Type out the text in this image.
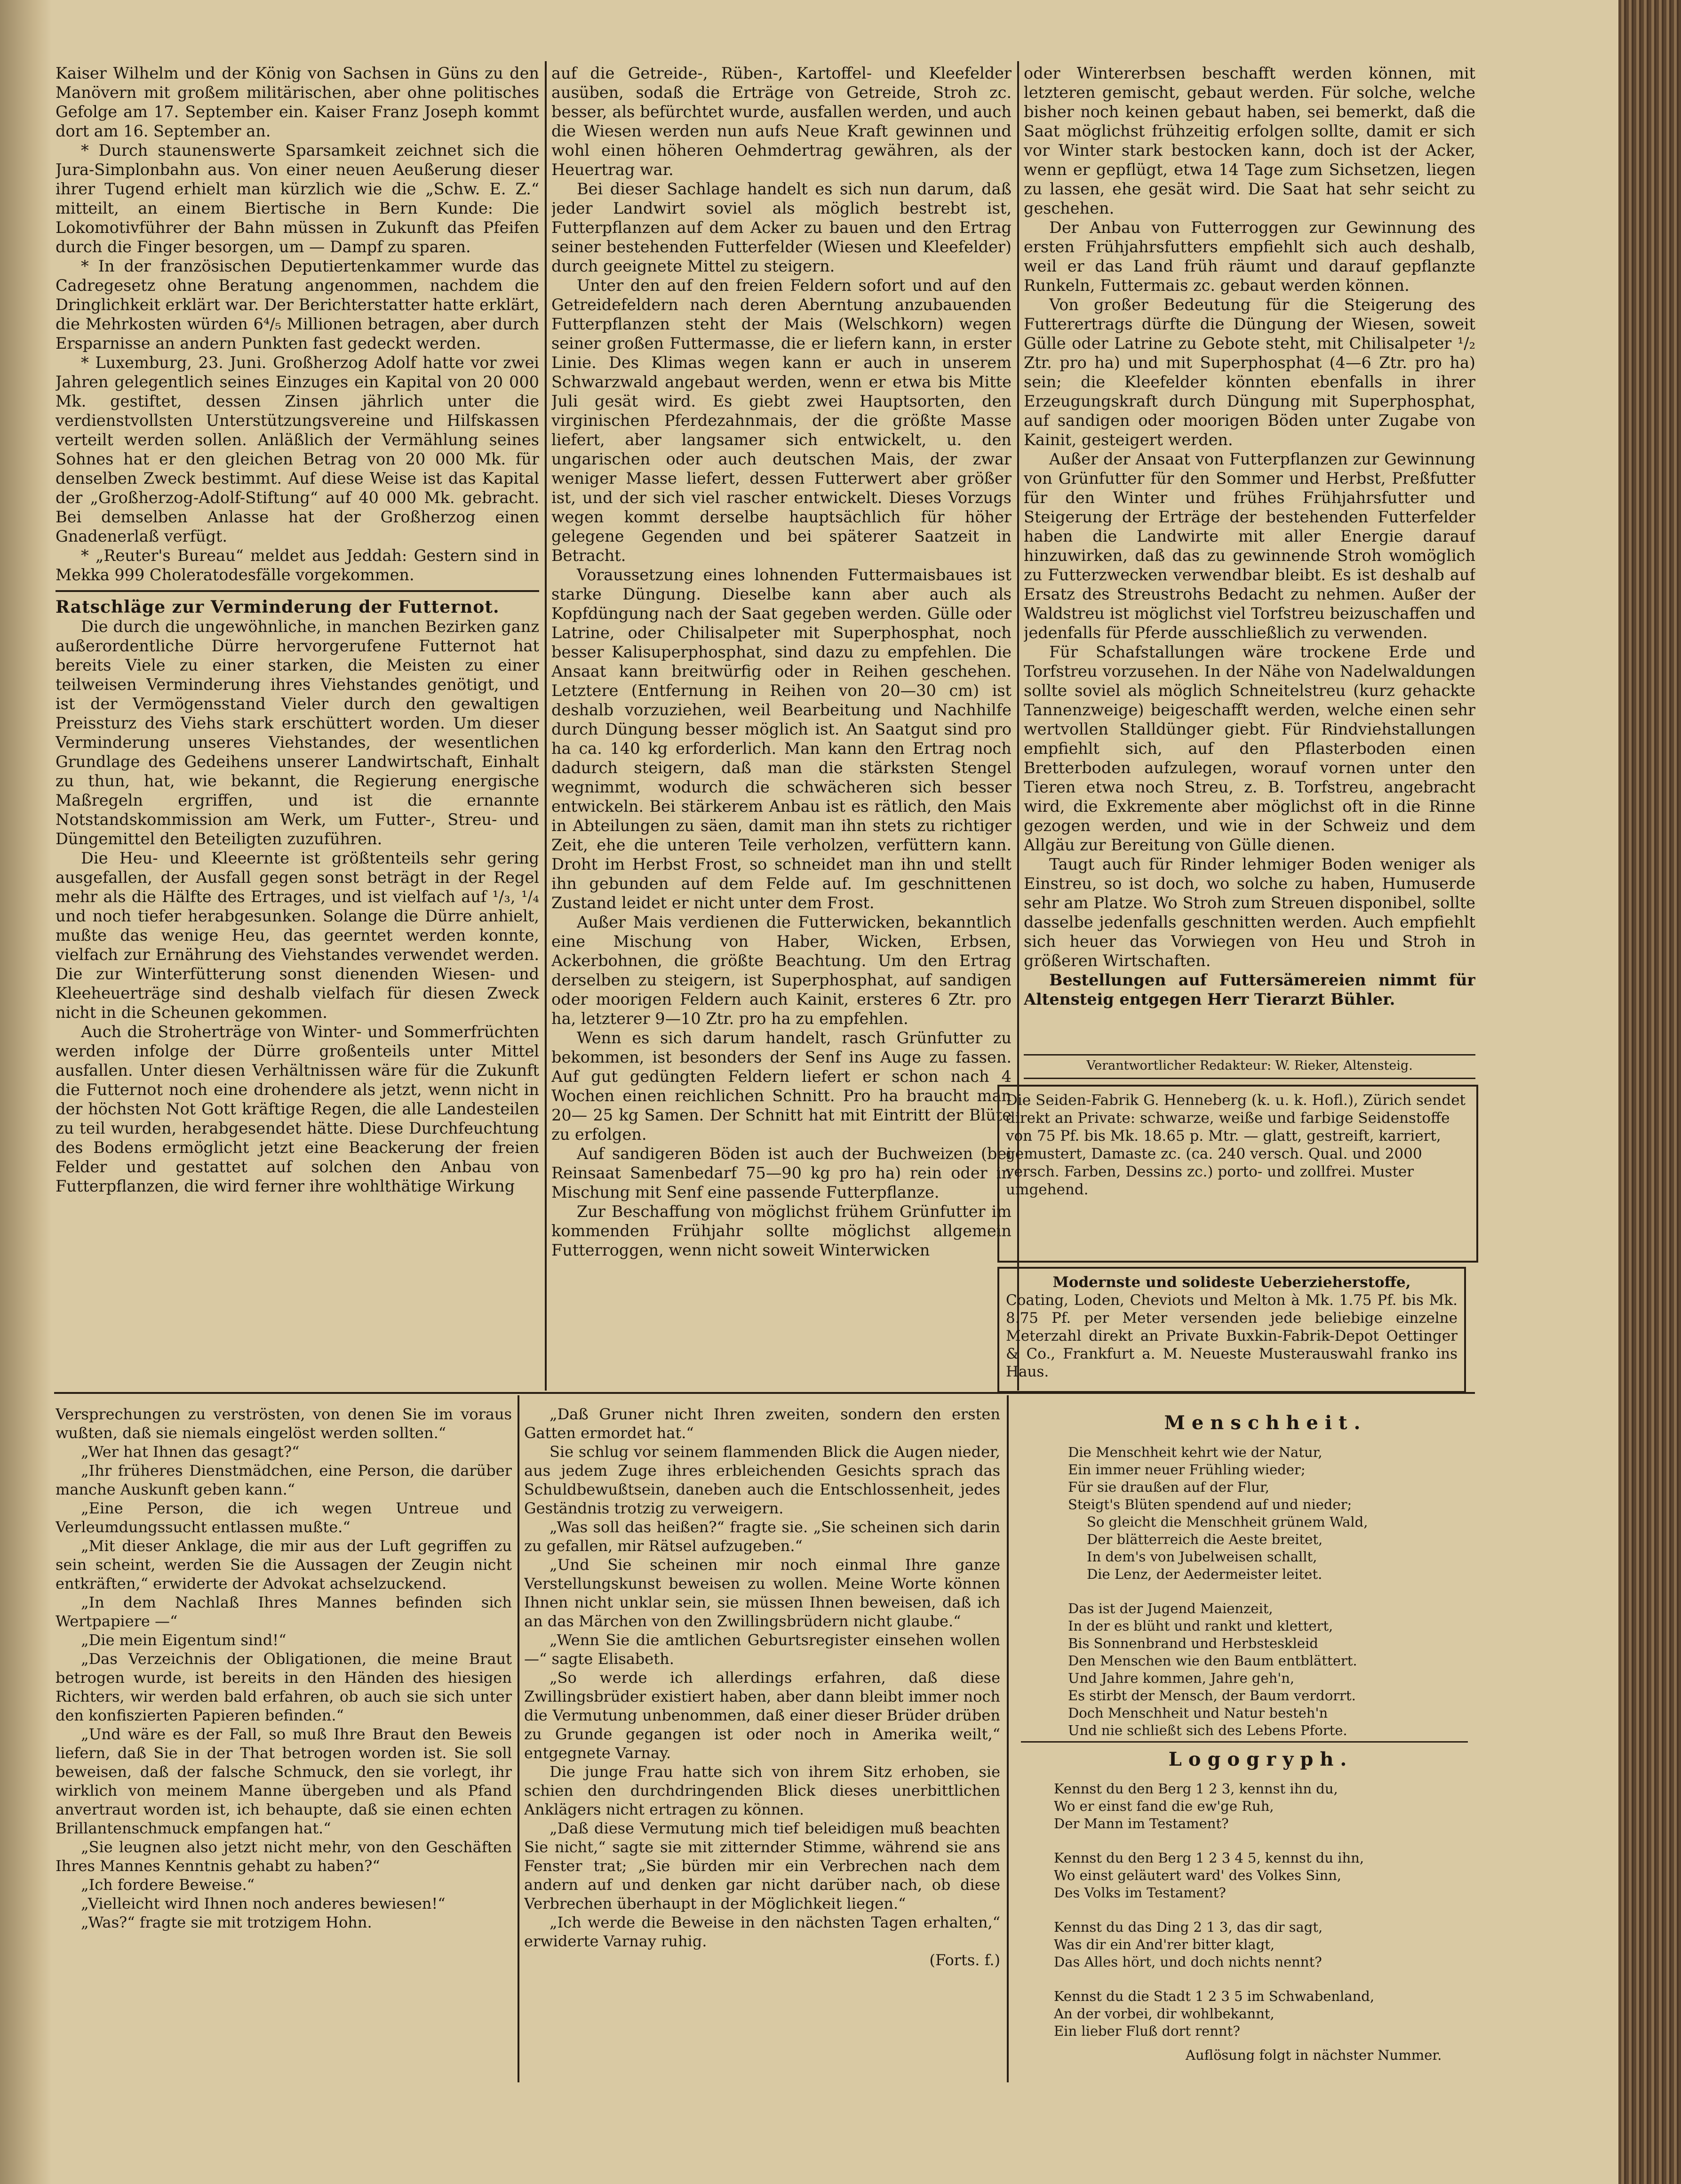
Kaiser Wilhelm und der König von Sachsen in Güns zu den Manövern mit großem militärischen, aber ohne politisches Gefolge am 17. September ein. Kaiser Franz Joseph kommt dort am 16. September an.

* Durch staunenswerte Sparsamkeit zeichnet sich die Jura-Simplonbahn aus. Von einer neuen Aeußerung dieser ihrer Tugend erhielt man kürzlich wie die „Schw. E. Z.“ mitteilt, an einem Biertische in Bern Kunde: Die Lokomotivführer der Bahn müssen in Zukunft das Pfeifen durch die Finger besorgen, um — Dampf zu sparen.

* In der französischen Deputiertenkammer wurde das Cadregesetz ohne Beratung angenommen, nachdem die Dringlichkeit erklärt war. Der Berichterstatter hatte erklärt, die Mehrkosten würden 6⁴/₅ Millionen betragen, aber durch Ersparnisse an andern Punkten fast gedeckt werden.

* Luxemburg, 23. Juni. Großherzog Adolf hatte vor zwei Jahren gelegentlich seines Einzuges ein Kapital von 20 000 Mk. gestiftet, dessen Zinsen jährlich unter die verdienstvollsten Unterstützungsvereine und Hilfskassen verteilt werden sollen. Anläßlich der Vermählung seines Sohnes hat er den gleichen Betrag von 20 000 Mk. für denselben Zweck bestimmt. Auf diese Weise ist das Kapital der „Großherzog-Adolf-Stiftung“ auf 40 000 Mk. gebracht. Bei demselben Anlasse hat der Großherzog einen Gnadenerlaß verfügt.

* „Reuter's Bureau“ meldet aus Jeddah: Gestern sind in Mekka 999 Choleratodesfälle vorgekommen.

Ratschläge zur Verminderung der Futternot.

Die durch die ungewöhnliche, in manchen Bezirken ganz außerordentliche Dürre hervorgerufene Futternot hat bereits Viele zu einer starken, die Meisten zu einer teilweisen Verminderung ihres Viehstandes genötigt, und ist der Vermögensstand Vieler durch den gewaltigen Preissturz des Viehs stark erschüttert worden. Um dieser Verminderung unseres Viehstandes, der wesentlichen Grundlage des Gedeihens unserer Landwirtschaft, Einhalt zu thun, hat, wie bekannt, die Regierung energische Maßregeln ergriffen, und ist die ernannte Notstandskommission am Werk, um Futter-, Streu- und Düngemittel den Beteiligten zuzuführen.

Die Heu- und Kleeernte ist größtenteils sehr gering ausgefallen, der Ausfall gegen sonst beträgt in der Regel mehr als die Hälfte des Ertrages, und ist vielfach auf ¹/₃, ¹/₄ und noch tiefer herabgesunken. Solange die Dürre anhielt, mußte das wenige Heu, das geerntet werden konnte, vielfach zur Ernährung des Viehstandes verwendet werden. Die zur Winterfütterung sonst dienenden Wiesen- und Kleeheuerträge sind deshalb vielfach für diesen Zweck nicht in die Scheunen gekommen.

Auch die Stroherträge von Winter- und Sommerfrüchten werden infolge der Dürre großenteils unter Mittel ausfallen. Unter diesen Verhältnissen wäre für die Zukunft die Futternot noch eine drohendere als jetzt, wenn nicht in der höchsten Not Gott kräftige Regen, die alle Landesteilen zu teil wurden, herabgesendet hätte. Diese Durchfeuchtung des Bodens ermöglicht jetzt eine Beackerung der freien Felder und gestattet auf solchen den Anbau von Futterpflanzen, die wird ferner ihre wohlthätige Wirkung

auf die Getreide-, Rüben-, Kartoffel- und Kleefelder ausüben, sodaß die Erträge von Getreide, Stroh zc. besser, als befürchtet wurde, ausfallen werden, und auch die Wiesen werden nun aufs Neue Kraft gewinnen und wohl einen höheren Oehmdertrag gewähren, als der Heuertrag war.

Bei dieser Sachlage handelt es sich nun darum, daß jeder Landwirt soviel als möglich bestrebt ist, Futterpflanzen auf dem Acker zu bauen und den Ertrag seiner bestehenden Futterfelder (Wiesen und Kleefelder) durch geeignete Mittel zu steigern.

Unter den auf den freien Feldern sofort und auf den Getreidefeldern nach deren Aberntung anzubauenden Futterpflanzen steht der Mais (Welschkorn) wegen seiner großen Futtermasse, die er liefern kann, in erster Linie. Des Klimas wegen kann er auch in unserem Schwarzwald angebaut werden, wenn er etwa bis Mitte Juli gesät wird. Es giebt zwei Hauptsorten, den virginischen Pferdezahnmais, der die größte Masse liefert, aber langsamer sich entwickelt, u. den ungarischen oder auch deutschen Mais, der zwar weniger Masse liefert, dessen Futterwert aber größer ist, und der sich viel rascher entwickelt. Dieses Vorzugs wegen kommt derselbe hauptsächlich für höher gelegene Gegenden und bei späterer Saatzeit in Betracht.

Voraussetzung eines lohnenden Futtermaisbaues ist starke Düngung. Dieselbe kann aber auch als Kopfdüngung nach der Saat gegeben werden. Gülle oder Latrine, oder Chilisalpeter mit Superphosphat, noch besser Kalisuperphosphat, sind dazu zu empfehlen. Die Ansaat kann breitwürfig oder in Reihen geschehen. Letztere (Entfernung in Reihen von 20—30 cm) ist deshalb vorzuziehen, weil Bearbeitung und Nachhilfe durch Düngung besser möglich ist. An Saatgut sind pro ha ca. 140 kg erforderlich. Man kann den Ertrag noch dadurch steigern, daß man die stärksten Stengel wegnimmt, wodurch die schwächeren sich besser entwickeln. Bei stärkerem Anbau ist es rätlich, den Mais in Abteilungen zu säen, damit man ihn stets zu richtiger Zeit, ehe die unteren Teile verholzen, verfüttern kann. Droht im Herbst Frost, so schneidet man ihn und stellt ihn gebunden auf dem Felde auf. Im geschnittenen Zustand leidet er nicht unter dem Frost.

Außer Mais verdienen die Futterwicken, bekanntlich eine Mischung von Haber, Wicken, Erbsen, Ackerbohnen, die größte Beachtung. Um den Ertrag derselben zu steigern, ist Superphosphat, auf sandigen oder moorigen Feldern auch Kainit, ersteres 6 Ztr. pro ha, letzterer 9—10 Ztr. pro ha zu empfehlen.

Wenn es sich darum handelt, rasch Grünfutter zu bekommen, ist besonders der Senf ins Auge zu fassen. Auf gut gedüngten Feldern liefert er schon nach 4 Wochen einen reichlichen Schnitt. Pro ha braucht man 20— 25 kg Samen. Der Schnitt hat mit Eintritt der Blüte zu erfolgen.

Auf sandigeren Böden ist auch der Buchweizen (bei Reinsaat Samenbedarf 75—90 kg pro ha) rein oder in Mischung mit Senf eine passende Futterpflanze.

Zur Beschaffung von möglichst frühem Grünfutter im kommenden Frühjahr sollte möglichst allgemein Futterroggen, wenn nicht soweit Winterwicken

oder Wintererbsen beschafft werden können, mit letzteren gemischt, gebaut werden. Für solche, welche bisher noch keinen gebaut haben, sei bemerkt, daß die Saat möglichst frühzeitig erfolgen sollte, damit er sich vor Winter stark bestocken kann, doch ist der Acker, wenn er gepflügt, etwa 14 Tage zum Sichsetzen, liegen zu lassen, ehe gesät wird. Die Saat hat sehr seicht zu geschehen.

Der Anbau von Futterroggen zur Gewinnung des ersten Frühjahrsfutters empfiehlt sich auch deshalb, weil er das Land früh räumt und darauf gepflanzte Runkeln, Futtermais zc. gebaut werden können.

Von großer Bedeutung für die Steigerung des Futterertrags dürfte die Düngung der Wiesen, soweit Gülle oder Latrine zu Gebote steht, mit Chilisalpeter ¹/₂ Ztr. pro ha) und mit Superphosphat (4—6 Ztr. pro ha) sein; die Kleefelder könnten ebenfalls in ihrer Erzeugungskraft durch Düngung mit Superphosphat, auf sandigen oder moorigen Böden unter Zugabe von Kainit, gesteigert werden.

Außer der Ansaat von Futterpflanzen zur Gewinnung von Grünfutter für den Sommer und Herbst, Preßfutter für den Winter und frühes Frühjahrsfutter und Steigerung der Erträge der bestehenden Futterfelder haben die Landwirte mit aller Energie darauf hinzuwirken, daß das zu gewinnende Stroh womöglich zu Futterzwecken verwendbar bleibt. Es ist deshalb auf Ersatz des Streustrohs Bedacht zu nehmen. Außer der Waldstreu ist möglichst viel Torfstreu beizuschaffen und jedenfalls für Pferde ausschließlich zu verwenden.

Für Schafstallungen wäre trockene Erde und Torfstreu vorzusehen. In der Nähe von Nadelwaldungen sollte soviel als möglich Schneitelstreu (kurz gehackte Tannenzweige) beigeschafft werden, welche einen sehr wertvollen Stalldünger giebt. Für Rindviehstallungen empfiehlt sich, auf den Pflasterboden einen Bretterboden aufzulegen, worauf vornen unter den Tieren etwa noch Streu, z. B. Torfstreu, angebracht wird, die Exkremente aber möglichst oft in die Rinne gezogen werden, und wie in der Schweiz und dem Allgäu zur Bereitung von Gülle dienen.

Taugt auch für Rinder lehmiger Boden weniger als Einstreu, so ist doch, wo solche zu haben, Humuserde sehr am Platze. Wo Stroh zum Streuen disponibel, sollte dasselbe jedenfalls geschnitten werden. Auch empfiehlt sich heuer das Vorwiegen von Heu und Stroh in größeren Wirtschaften.

Bestellungen auf Futtersämereien nimmt für Altensteig entgegen Herr Tierarzt Bühler.

Verantwortlicher Redakteur: W. Rieker, Altensteig.
Die Seiden-Fabrik G. Henneberg (k. u. k. Hofl.), Zürich sendet direkt an Private: schwarze, weiße und farbige Seidenstoffe von 75 Pf. bis Mk. 18.65 p. Mtr. — glatt, gestreift, karriert, gemustert, Damaste zc. (ca. 240 versch. Qual. und 2000 versch. Farben, Dessins zc.) porto- und zollfrei. Muster umgehend.
Modernste und solideste Ueberzieherstoffe,
Coating, Loden, Cheviots und Melton à Mk. 1.75 Pf. bis Mk. 8.75 Pf. per Meter versenden jede beliebige einzelne Meterzahl direkt an Private Buxkin-Fabrik-Depot Oettinger & Co., Frankfurt a. M. Neueste Musterauswahl franko ins Haus.

Versprechungen zu verströsten, von denen Sie im voraus wußten, daß sie niemals eingelöst werden sollten.“

„Wer hat Ihnen das gesagt?“

„Ihr früheres Dienstmädchen, eine Person, die darüber manche Auskunft geben kann.“

„Eine Person, die ich wegen Untreue und Verleumdungssucht entlassen mußte.“

„Mit dieser Anklage, die mir aus der Luft gegriffen zu sein scheint, werden Sie die Aussagen der Zeugin nicht entkräften,“ erwiderte der Advokat achselzuckend.

„In dem Nachlaß Ihres Mannes befinden sich Wertpapiere —“

„Die mein Eigentum sind!“

„Das Verzeichnis der Obligationen, die meine Braut betrogen wurde, ist bereits in den Händen des hiesigen Richters, wir werden bald erfahren, ob auch sie sich unter den konfiszierten Papieren befinden.“

„Und wäre es der Fall, so muß Ihre Braut den Beweis liefern, daß Sie in der That betrogen worden ist. Sie soll beweisen, daß der falsche Schmuck, den sie vorlegt, ihr wirklich von meinem Manne übergeben und als Pfand anvertraut worden ist, ich behaupte, daß sie einen echten Brillantenschmuck empfangen hat.“

„Sie leugnen also jetzt nicht mehr, von den Geschäften Ihres Mannes Kenntnis gehabt zu haben?“

„Ich fordere Beweise.“

„Vielleicht wird Ihnen noch anderes bewiesen!“

„Was?“ fragte sie mit trotzigem Hohn.

„Daß Gruner nicht Ihren zweiten, sondern den ersten Gatten ermordet hat.“

Sie schlug vor seinem flammenden Blick die Augen nieder, aus jedem Zuge ihres erbleichenden Gesichts sprach das Schuldbewußtsein, daneben auch die Entschlossenheit, jedes Geständnis trotzig zu verweigern.

„Was soll das heißen?“ fragte sie. „Sie scheinen sich darin zu gefallen, mir Rätsel aufzugeben.“

„Und Sie scheinen mir noch einmal Ihre ganze Verstellungskunst beweisen zu wollen. Meine Worte können Ihnen nicht unklar sein, sie müssen Ihnen beweisen, daß ich an das Märchen von den Zwillingsbrüdern nicht glaube.“

„Wenn Sie die amtlichen Geburtsregister einsehen wollen —“ sagte Elisabeth.

„So werde ich allerdings erfahren, daß diese Zwillingsbrüder existiert haben, aber dann bleibt immer noch die Vermutung unbenommen, daß einer dieser Brüder drüben zu Grunde gegangen ist oder noch in Amerika weilt,“ entgegnete Varnay.

Die junge Frau hatte sich von ihrem Sitz erhoben, sie schien den durchdringenden Blick dieses unerbittlichen Anklägers nicht ertragen zu können.

„Daß diese Vermutung mich tief beleidigen muß beachten Sie nicht,“ sagte sie mit zitternder Stimme, während sie ans Fenster trat; „Sie bürden mir ein Verbrechen nach dem andern auf und denken gar nicht darüber nach, ob diese Verbrechen überhaupt in der Möglichkeit liegen.“

„Ich werde die Beweise in den nächsten Tagen erhalten,“ erwiderte Varnay ruhig.

(Forts. f.)

Menschheit.
Die Menschheit kehrt wie der Natur,
Ein immer neuer Frühling wieder;
Für sie draußen auf der Flur,
Steigt's Blüten spendend auf und nieder;
So gleicht die Menschheit grünem Wald,
Der blätterreich die Aeste breitet,
In dem's von Jubelweisen schallt,
Die Lenz, der Aedermeister leitet.
Das ist der Jugend Maienzeit,
In der es blüht und rankt und klettert,
Bis Sonnenbrand und Herbsteskleid
Den Menschen wie den Baum entblättert.
Und Jahre kommen, Jahre geh'n,
Es stirbt der Mensch, der Baum verdorrt.
Doch Menschheit und Natur besteh'n
Und nie schließt sich des Lebens Pforte.
Logogryph.
Kennst du den Berg 1 2 3, kennst ihn du,
Wo er einst fand die ew'ge Ruh,
Der Mann im Testament?
Kennst du den Berg 1 2 3 4 5, kennst du ihn,
Wo einst geläutert ward' des Volkes Sinn,
Des Volks im Testament?
Kennst du das Ding 2 1 3, das dir sagt,
Was dir ein And'rer bitter klagt,
Das Alles hört, und doch nichts nennt?
Kennst du die Stadt 1 2 3 5 im Schwabenland,
An der vorbei, dir wohlbekannt,
Ein lieber Fluß dort rennt?
Auflösung folgt in nächster Nummer.
